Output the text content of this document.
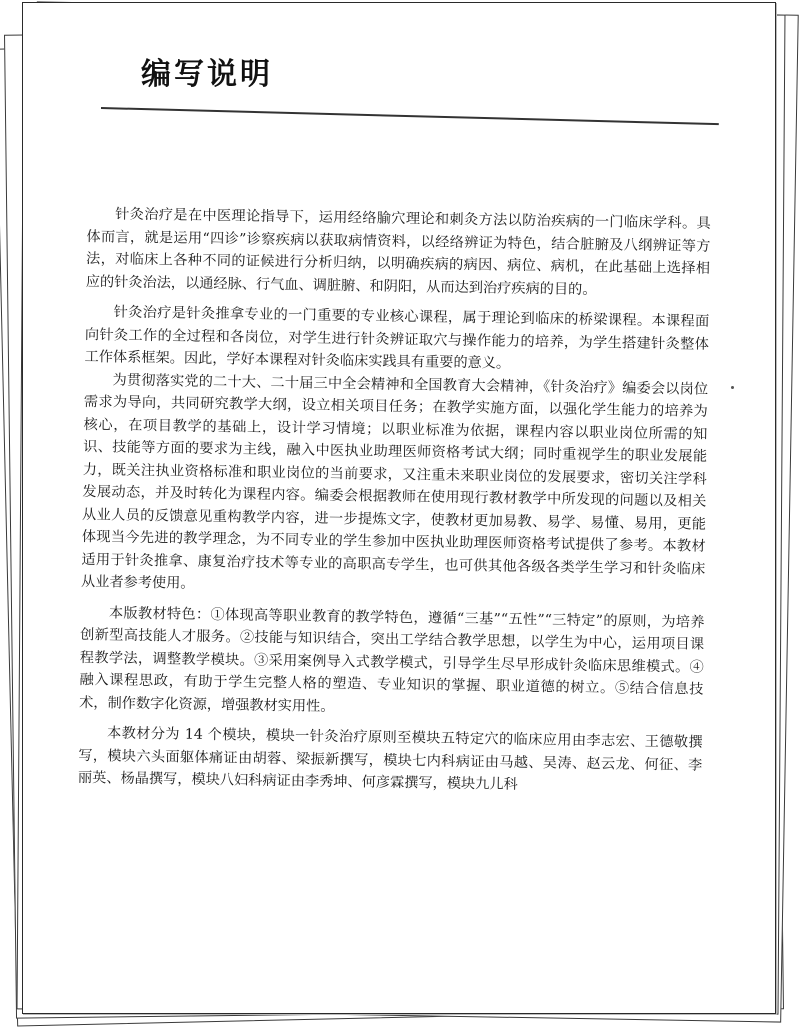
编写说明

针灸治疗是在中医理论指导下，运用经络腧穴理论和刺灸方法以防治疾病的一门临床学科。具体而言，就是运用“四诊”诊察疾病以获取病情资料，以经络辨证为特色，结合脏腑及八纲辨证等方法，对临床上各种不同的证候进行分析归纳，以明确疾病的病因、病位、病机，在此基础上选择相应的针灸治法，以通经脉、行气血、调脏腑、和阴阳，从而达到治疗疾病的目的。

针灸治疗是针灸推拿专业的一门重要的专业核心课程，属于理论到临床的桥梁课程。本课程面向针灸工作的全过程和各岗位，对学生进行针灸辨证取穴与操作能力的培养，为学生搭建针灸整体工作体系框架。因此，学好本课程对针灸临床实践具有重要的意义。

为贯彻落实党的二十大、二十届三中全会精神和全国教育大会精神，《针灸治疗》编委会以岗位需求为导向，共同研究教学大纲，设立相关项目任务；在教学实施方面，以强化学生能力的培养为核心，在项目教学的基础上，设计学习情境；以职业标准为依据，课程内容以职业岗位所需的知识、技能等方面的要求为主线，融入中医执业助理医师资格考试大纲；同时重视学生的职业发展能力，既关注执业资格标准和职业岗位的当前要求，又注重未来职业岗位的发展要求，密切关注学科发展动态，并及时转化为课程内容。编委会根据教师在使用现行教材教学中所发现的问题以及相关从业人员的反馈意见重构教学内容，进一步提炼文字，使教材更加易教、易学、易懂、易用，更能体现当今先进的教学理念，为不同专业的学生参加中医执业助理医师资格考试提供了参考。本教材适用于针灸推拿、康复治疗技术等专业的高职高专学生，也可供其他各级各类学生学习和针灸临床从业者参考使用。

本版教材特色：①体现高等职业教育的教学特色，遵循“三基”“五性”“三特定”的原则，为培养创新型高技能人才服务。②技能与知识结合，突出工学结合教学思想，以学生为中心，运用项目课程教学法，调整教学模块。③采用案例导入式教学模式，引导学生尽早形成针灸临床思维模式。④融入课程思政，有助于学生完整人格的塑造、专业知识的掌握、职业道德的树立。⑤结合信息技术，制作数字化资源，增强教材实用性。

本教材分为 14 个模块，模块一针灸治疗原则至模块五特定穴的临床应用由李志宏、王德敬撰写，模块六头面躯体痛证由胡蓉、梁振新撰写，模块七内科病证由马越、吴涛、赵云龙、何征、李丽英、杨晶撰写，模块八妇科病证由李秀坤、何彦霖撰写，模块九儿科
